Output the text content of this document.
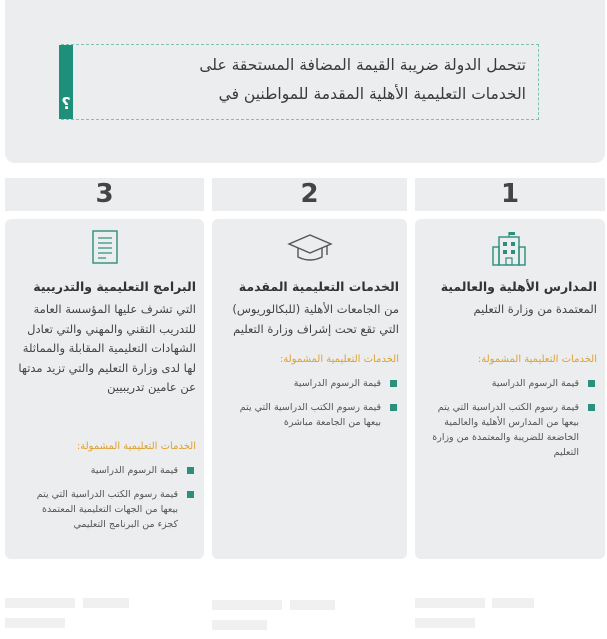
؟
تتحمل الدولة ضريبة القيمة المضافة المستحقة على
الخدمات التعليمية الأهلية المقدمة للمواطنين في
3
البرامج التعليمية والتدريبية
التي تشرف عليها المؤسسة العامة للتدريب التقني والمهني والتي تعادل الشهادات التعليمية المقابلة والمماثلة لها لدى وزارة التعليم والتي تزيد مدتها عن عامين تدريبيين
الخدمات التعليمية المشمولة:
قيمة الرسوم الدراسية
قيمة رسوم الكتب الدراسية التي يتم بيعها من الجهات التعليمية المعتمدة كجزء من البرنامج التعليمي
2
الخدمات التعليمية المقدمة
من الجامعات الأهلية (للبكالوريوس) التي تقع تحت إشراف وزارة التعليم
الخدمات التعليمية المشمولة:
قيمة الرسوم الدراسية
قيمة رسوم الكتب الدراسية التي يتم بيعها من الجامعة مباشرة
1
المدارس الأهلية والعالمية
المعتمدة من وزارة التعليم
الخدمات التعليمية المشمولة:
قيمة الرسوم الدراسية
قيمة رسوم الكتب الدراسية التي يتم بيعها من المدارس الأهلية والعالمية الخاضعة للضريبة والمعتمدة من وزارة التعليم
